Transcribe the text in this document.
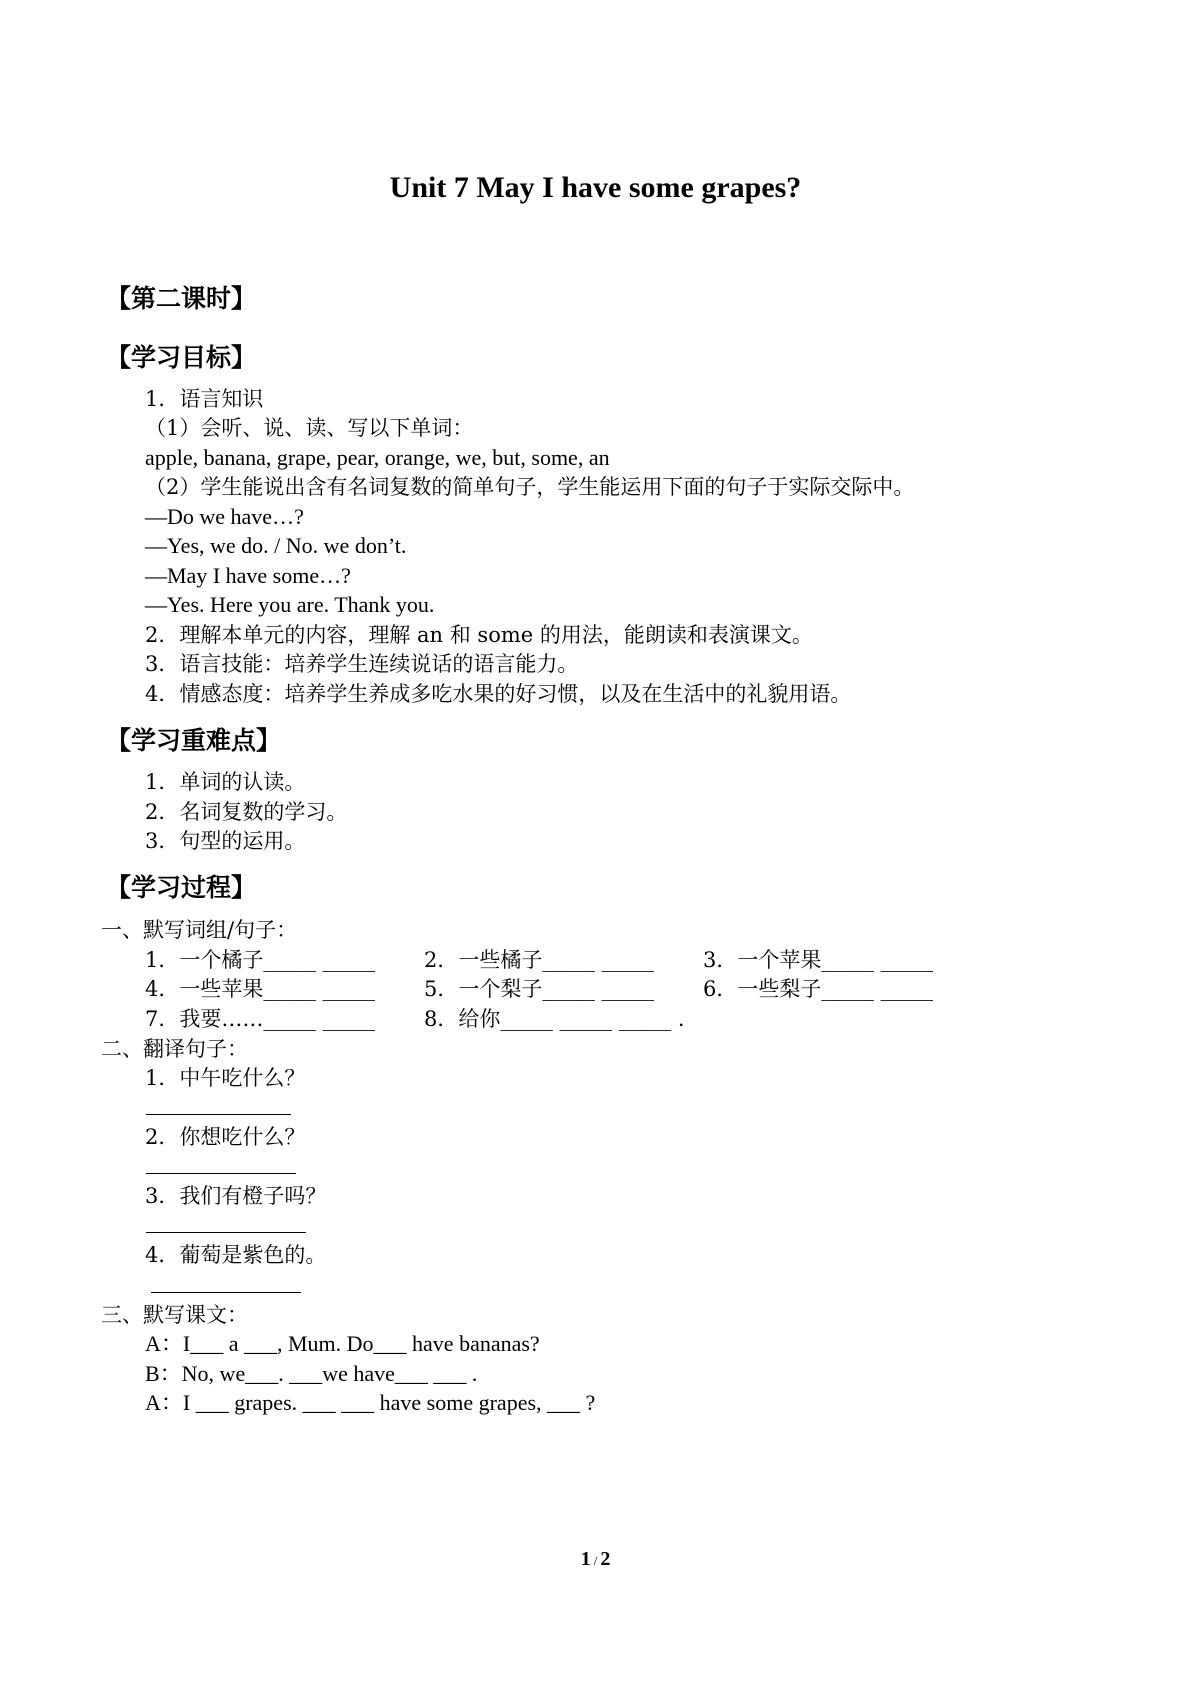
Unit 7 May I have some grapes?
【第二课时】
【学习目标】
1．语言知识
（1）会听、说、读、写以下单词：
apple, banana, grape, pear, orange, we, but, some, an
（2）学生能说出含有名词复数的简单句子，学生能运用下面的句子于实际交际中。
—Do we have…?
—Yes, we do. / No. we don’t.
—May I have some…?
—Yes. Here you are. Thank you.
2．理解本单元的内容，理解 an 和 some 的用法，能朗读和表演课文。
3．语言技能：培养学生连续说话的语言能力。
4．情感态度：培养学生养成多吃水果的好习惯，以及在生活中的礼貌用语。
【学习重难点】
1．单词的认读。
2．名词复数的学习。
3．句型的运用。
【学习过程】
一、默写词组/句子：
1．一个橘子_____ _____ 2．一些橘子_____ _____ 3．一个苹果_____ _____
4．一些苹果_____ _____ 5．一个梨子_____ _____ 6．一些梨子_____ _____
7．我要……_____ _____ 8．给你_____ _____ _____ .
二、翻译句子：
1．中午吃什么？
2．你想吃什么？
3．我们有橙子吗？
4．葡萄是紫色的。
三、默写课文：
A：I___ a ___, Mum. Do___ have bananas?
B：No, we___. ___we have___ ___ .
A：I ___ grapes. ___ ___ have some grapes, ___ ?
1 / 2
